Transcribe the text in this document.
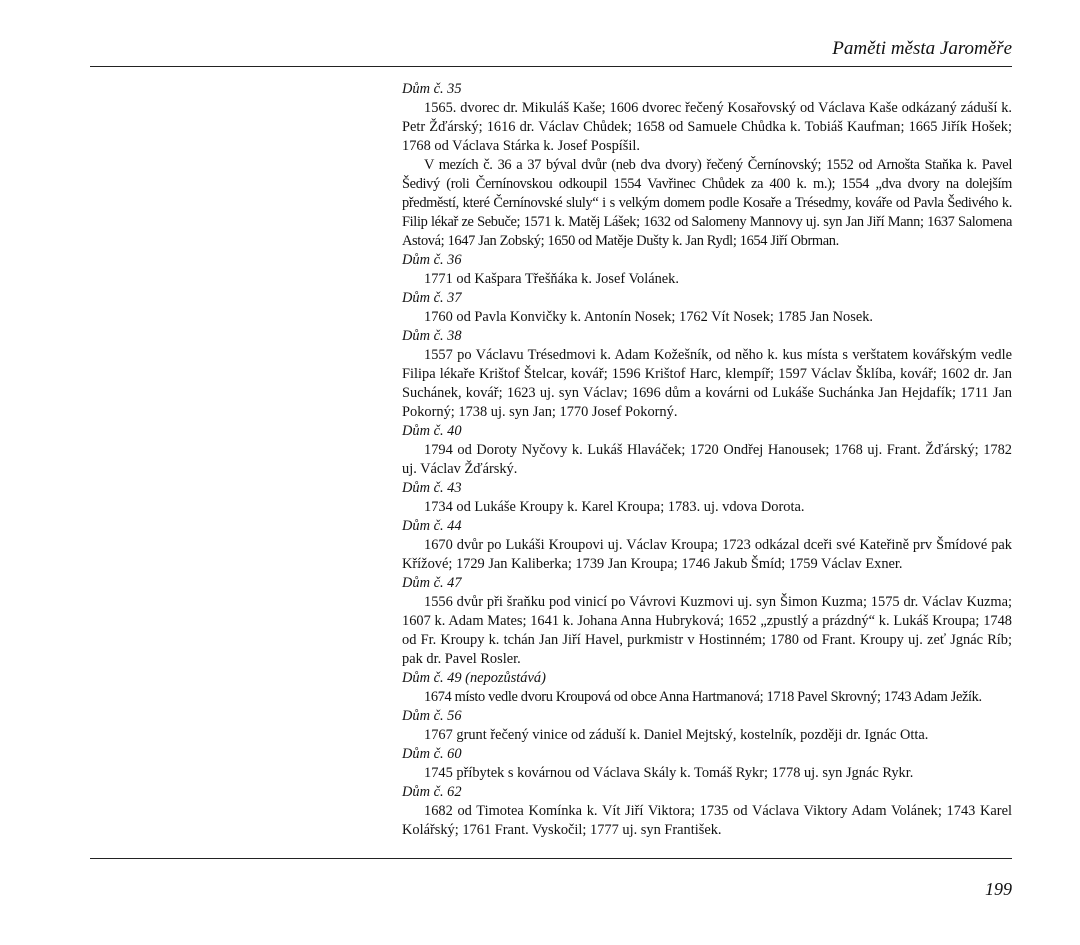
Paměti města Jaroměře

Dům č. 35

1565. dvorec dr. Mikuláš Kaše; 1606 dvorec řečený Kosařovský od Václava Kaše odkázaný záduší k. Petr Žďárský; 1616 dr. Václav Chůdek; 1658 od Samuele Chůdka k. Tobiáš Kaufman; 1665 Jiřík Hošek; 1768 od Václava Stárka k. Josef Pospíšil.

V mezích č. 36 a 37 býval dvůr (neb dva dvory) řečený Černínovský; 1552 od Arnošta Staňka k. Pavel Šedivý (roli Černínovskou odkoupil 1554 Vavřinec Chůdek za 400 k. m.); 1554 „dva dvory na dolejším předměstí, které Černínovské sluly“ i s velkým domem podle Kosaře a Trésedmy, kováře od Pavla Šedivého k. Filip lékař ze Sebuče; 1571 k. Matěj Lášek; 1632 od Salomeny Mannovy uj. syn Jan Jiří Mann; 1637 Salomena Astová; 1647 Jan Zobský; 1650 od Matěje Dušty k. Jan Rydl; 1654 Jiří Obrman.

Dům č. 36

1771 od Kašpara Třešňáka k. Josef Volánek.

Dům č. 37

1760 od Pavla Konvičky k. Antonín Nosek; 1762 Vít Nosek; 1785 Jan Nosek.

Dům č. 38

1557 po Václavu Trésedmovi k. Adam Kožešník, od něho k. kus místa s verštatem kovářským vedle Filipa lékaře Krištof Štelcar, kovář; 1596 Krištof Harc, klempíř; 1597 Václav Šklíba, kovář; 1602 dr. Jan Suchánek, kovář; 1623 uj. syn Václav; 1696 dům a kovárni od Lukáše Suchánka Jan Hejdafík; 1711 Jan Pokorný; 1738 uj. syn Jan; 1770 Josef Pokorný.

Dům č. 40

1794 od Doroty Nyčovy k. Lukáš Hlaváček; 1720 Ondřej Hanousek; 1768 uj. Frant. Žďárský; 1782 uj. Václav Žďárský.

Dům č. 43

1734 od Lukáše Kroupy k. Karel Kroupa; 1783. uj. vdova Dorota.

Dům č. 44

1670 dvůr po Lukáši Kroupovi uj. Václav Kroupa; 1723 odkázal dceři své Kateřině prv Šmídové pak Křížové; 1729 Jan Kaliberka; 1739 Jan Kroupa; 1746 Jakub Šmíd; 1759 Václav Exner.

Dům č. 47

1556 dvůr při šraňku pod vinicí po Vávrovi Kuzmovi uj. syn Šimon Kuzma; 1575 dr. Václav Kuzma; 1607 k. Adam Mates; 1641 k. Johana Anna Hubryková; 1652 „zpustlý a prázdný“ k. Lukáš Kroupa; 1748 od Fr. Kroupy k. tchán Jan Jiří Havel, purkmistr v Hostinném; 1780 od Frant. Kroupy uj. zeť Jgnác Ríb; pak dr. Pavel Rosler.

Dům č. 49 (nepozůstává)

1674 místo vedle dvoru Kroupová od obce Anna Hartmanová; 1718 Pavel Skrovný; 1743 Adam Ježík.

Dům č. 56

1767 grunt řečený vinice od záduší k. Daniel Mejtský, kostelník, později dr. Ignác Otta.

Dům č. 60

1745 příbytek s kovárnou od Václava Skály k. Tomáš Rykr; 1778 uj. syn Jgnác Rykr.

Dům č. 62

1682 od Timotea Komínka k. Vít Jiří Viktora; 1735 od Václava Viktory Adam Volánek; 1743 Karel Kolářský; 1761 Frant. Vyskočil; 1777 uj. syn František.

199
